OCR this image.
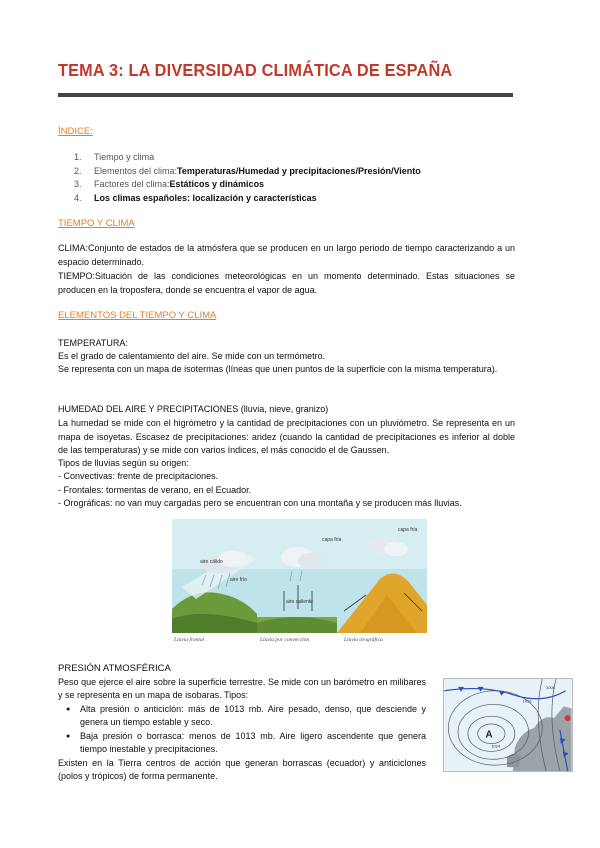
TEMA 3: LA DIVERSIDAD CLIMÁTICA DE ESPAÑA
ÍNDICE:
1.	Tiempo y clima
2.	Elementos del clima: Temperaturas/Humedad y precipitaciones/Presión/Viento
3.	Factores del clima: Estáticos y dinámicos
4.	Los climas españoles: localización y características
TIEMPO Y CLIMA
CLIMA:Conjunto de estados de la atmósfera que se producen en un largo periodo de tiempo caracterizando a un espacio determinado.
TIEMPO:Situación de las condiciones meteorológicas en un momento determinado. Estas situaciones se producen en la troposfera, donde se encuentra el vapor de agua.
ELEMENTOS DEL TIEMPO Y CLIMA
TEMPERATURA:
Es el grado de calentamiento del aire. Se mide con un termómetro.
Se representa con un mapa de isotermas (líneas que unen puntos de la superficie con la misma temperatura).
HUMEDAD DEL AIRE Y PRECIPITACIONES (lluvia, nieve, granizo)
La humedad se mide con el higrómetro y la cantidad de precipitaciones con un pluviómetro. Se representa en un mapa de isoyetas. Escasez de precipitaciones: aridez (cuando la cantidad de precipitaciones es inferior al doble de las temperaturas) y se mide con varios índices, el más conocido el de Gaussen.
Tipos de lluvias según su origen:
- Convectivas: frente de precipitaciones.
- Frontales: tormentas de verano, en el Ecuador.
- Orográficas: no van muy cargadas pero se encuentran con una montaña y se producen más lluvias.
aire cálido
aire frío
aire caliente
capa fría
capa fría
Lluvia frontal	Lluvia por convección	Lluvia orográfica
PRESIÓN ATMOSFÉRICA
Peso que ejerce el aire sobre la superficie terrestre. Se mide con un barómetro en milibares y se representa en un mapa de isobaras. Tipos:
● Alta presión o anticiclón: más de 1013 mb. Aire pesado, denso, que desciende y genera un tiempo estable y seco.
● Baja presión o borrasca: menos de 1013 mb. Aire ligero ascendente que genera tiempo inestable y precipitaciones.
Existen en la Tierra centros de acción que generan borrascas (ecuador) y anticiclones (polos y trópicos) de forma permanente.
A
1024
1016
1008
